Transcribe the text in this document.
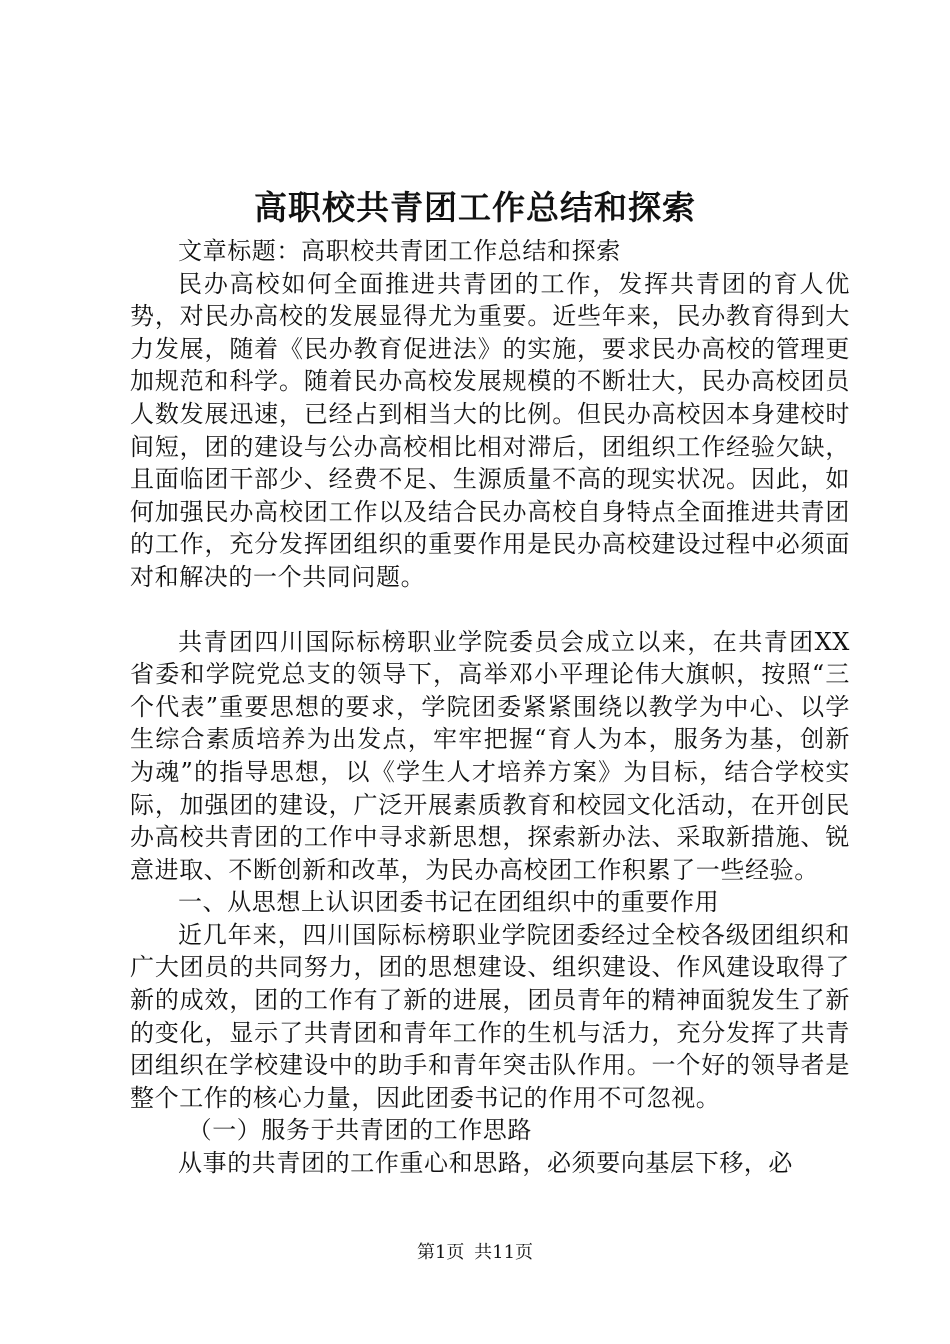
高职校共青团工作总结和探索

文章标题：高职校共青团工作总结和探索

民办高校如何全面推进共青团的工作，发挥共青团的育人优势，对民办高校的发展显得尤为重要。近些年来，民办教育得到大力发展，随着《民办教育促进法》的实施，要求民办高校的管理更加规范和科学。随着民办高校发展规模的不断壮大，民办高校团员人数发展迅速，已经占到相当大的比例。但民办高校因本身建校时间短，团的建设与公办高校相比相对滞后，团组织工作经验欠缺，且面临团干部少、经费不足、生源质量不高的现实状况。因此，如何加强民办高校团工作以及结合民办高校自身特点全面推进共青团的工作，充分发挥团组织的重要作用是民办高校建设过程中必须面对和解决的一个共同问题。

共青团四川国际标榜职业学院委员会成立以来，在共青团XX省委和学院党总支的领导下，高举邓小平理论伟大旗帜，按照“三个代表”重要思想的要求，学院团委紧紧围绕以教学为中心、以学生综合素质培养为出发点，牢牢把握“育人为本，服务为基，创新为魂”的指导思想，以《学生人才培养方案》为目标，结合学校实际，加强团的建设，广泛开展素质教育和校园文化活动，在开创民办高校共青团的工作中寻求新思想，探索新办法、采取新措施、锐意进取、不断创新和改革，为民办高校团工作积累了一些经验。

一、从思想上认识团委书记在团组织中的重要作用

近几年来，四川国际标榜职业学院团委经过全校各级团组织和广大团员的共同努力，团的思想建设、组织建设、作风建设取得了新的成效，团的工作有了新的进展，团员青年的精神面貌发生了新的变化，显示了共青团和青年工作的生机与活力，充分发挥了共青团组织在学校建设中的助手和青年突击队作用。一个好的领导者是整个工作的核心力量，因此团委书记的作用不可忽视。

（一）服务于共青团的工作思路

从事的共青团的工作重心和思路，必须要向基层下移，必

第1页 共11页
